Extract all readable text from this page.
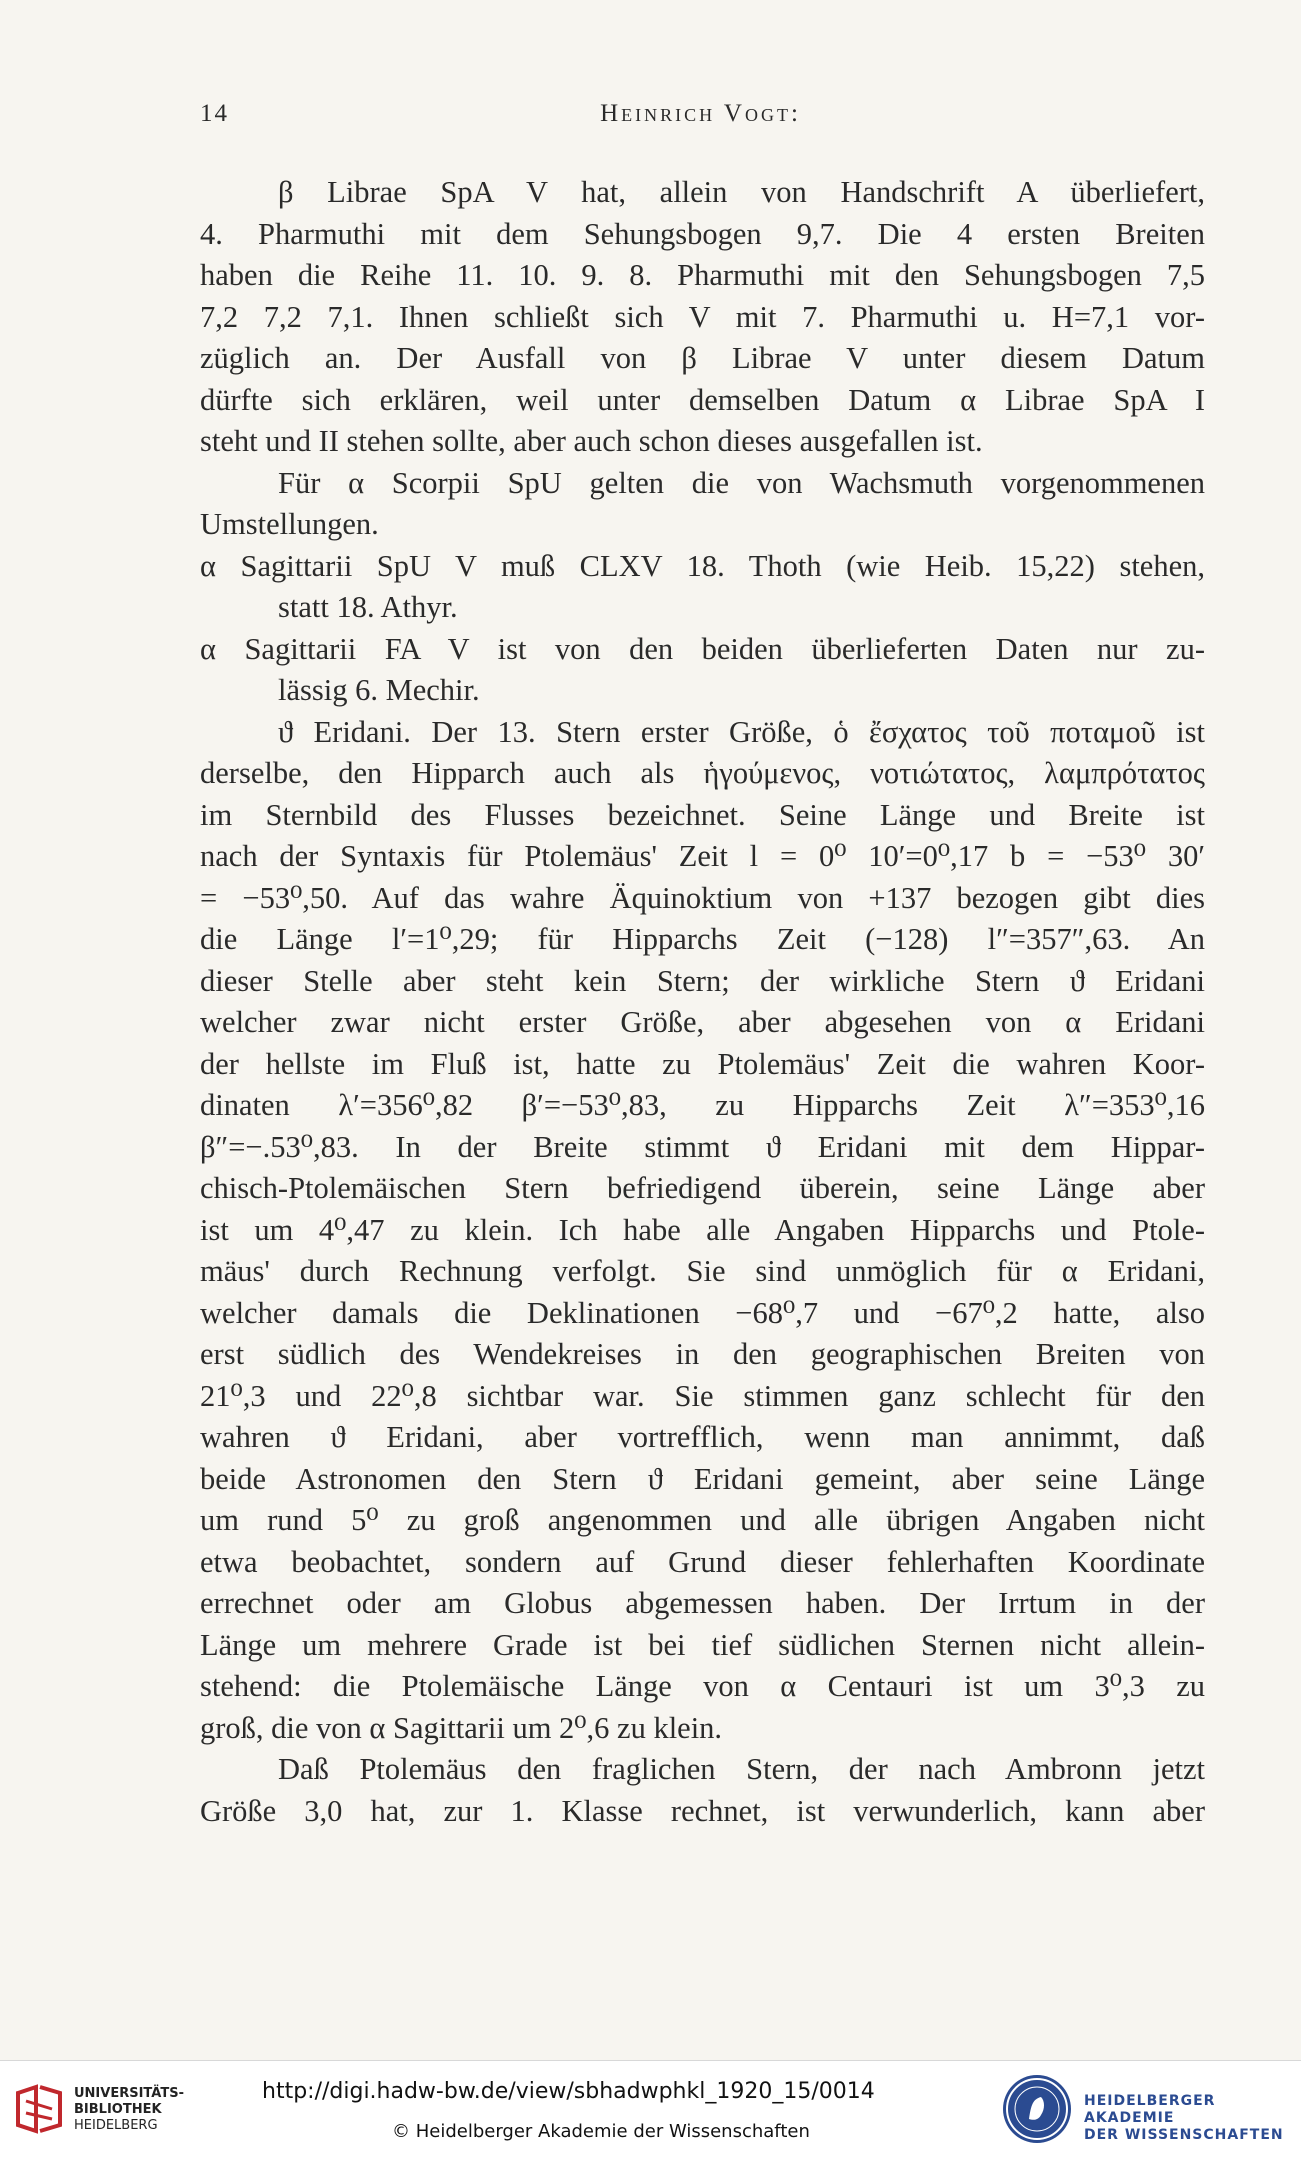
14	Heinrich Vogt:
β Librae SpA V hat, allein von Handschrift A überliefert,
4. Pharmuthi mit dem Sehungsbogen 9,7. Die 4 ersten Breiten
haben die Reihe 11. 10. 9. 8. Pharmuthi mit den Sehungsbogen 7,5
7,2 7,2 7,1. Ihnen schließt sich V mit 7. Pharmuthi u. H=7,1 vor-
züglich an. Der Ausfall von β Librae V unter diesem Datum
dürfte sich erklären, weil unter demselben Datum α Librae SpA I
steht und II stehen sollte, aber auch schon dieses ausgefallen ist.
Für α Scorpii SpU gelten die von Wachsmuth vorgenommenen
Umstellungen.
α Sagittarii SpU V muß CLXV 18. Thoth (wie Heib. 15,22) stehen,
statt 18. Athyr.
α Sagittarii FA V ist von den beiden überlieferten Daten nur zu-
lässig 6. Mechir.
ϑ Eridani. Der 13. Stern erster Größe, ὁ ἔσχατος τοῦ ποταμοῦ ist
derselbe, den Hipparch auch als ἡγούμενος, νοτιώτατος, λαμπρότατος
im Sternbild des Flusses bezeichnet. Seine Länge und Breite ist
nach der Syntaxis für Ptolemäus' Zeit l = 0⁰ 10′=0⁰,17 b = −53⁰ 30′
= −53⁰,50. Auf das wahre Äquinoktium von +137 bezogen gibt dies
die Länge l′=1⁰,29; für Hipparchs Zeit (−128) l″=357″,63. An
dieser Stelle aber steht kein Stern; der wirkliche Stern ϑ Eridani
welcher zwar nicht erster Größe, aber abgesehen von α Eridani
der hellste im Fluß ist, hatte zu Ptolemäus' Zeit die wahren Koor-
dinaten λ′=356⁰,82 β′=−53⁰,83, zu Hipparchs Zeit λ″=353⁰,16
β″=−.53⁰,83. In der Breite stimmt ϑ Eridani mit dem Hippar-
chisch-Ptolemäischen Stern befriedigend überein, seine Länge aber
ist um 4⁰,47 zu klein. Ich habe alle Angaben Hipparchs und Ptole-
mäus' durch Rechnung verfolgt. Sie sind unmöglich für α Eridani,
welcher damals die Deklinationen −68⁰,7 und −67⁰,2 hatte, also
erst südlich des Wendekreises in den geographischen Breiten von
21⁰,3 und 22⁰,8 sichtbar war. Sie stimmen ganz schlecht für den
wahren ϑ Eridani, aber vortrefflich, wenn man annimmt, daß
beide Astronomen den Stern ϑ Eridani gemeint, aber seine Länge
um rund 5⁰ zu groß angenommen und alle übrigen Angaben nicht
etwa beobachtet, sondern auf Grund dieser fehlerhaften Koordinate
errechnet oder am Globus abgemessen haben. Der Irrtum in der
Länge um mehrere Grade ist bei tief südlichen Sternen nicht allein-
stehend: die Ptolemäische Länge von α Centauri ist um 3⁰,3 zu
groß, die von α Sagittarii um 2⁰,6 zu klein.
Daß Ptolemäus den fraglichen Stern, der nach Ambronn jetzt
Größe 3,0 hat, zur 1. Klasse rechnet, ist verwunderlich, kann aber
UNIVERSITÄTS-
BIBLIOTHEK
HEIDELBERG
http://digi.hadw-bw.de/view/sbhadwphkl_1920_15/0014
© Heidelberger Akademie der Wissenschaften
HEIDELBERGER AKADEMIE
DER WISSENSCHAFTEN
